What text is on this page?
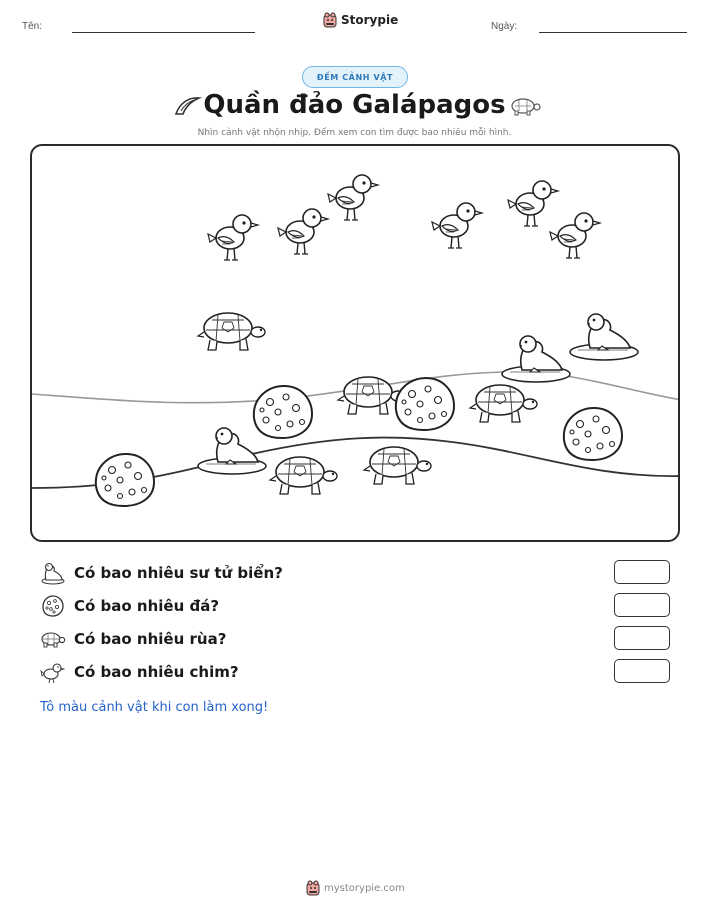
Tên:	Storypie	Ngày:
ĐẾM CẢNH VẬT
Quần đảo Galápagos
Nhìn cảnh vật nhộn nhịp. Đếm xem con tìm được bao nhiêu mỗi hình.
Có bao nhiêu sư tử biển?
Có bao nhiêu đá?
Có bao nhiêu rùa?
Có bao nhiêu chim?
Tô màu cảnh vật khi con làm xong!
mystorypie.com
